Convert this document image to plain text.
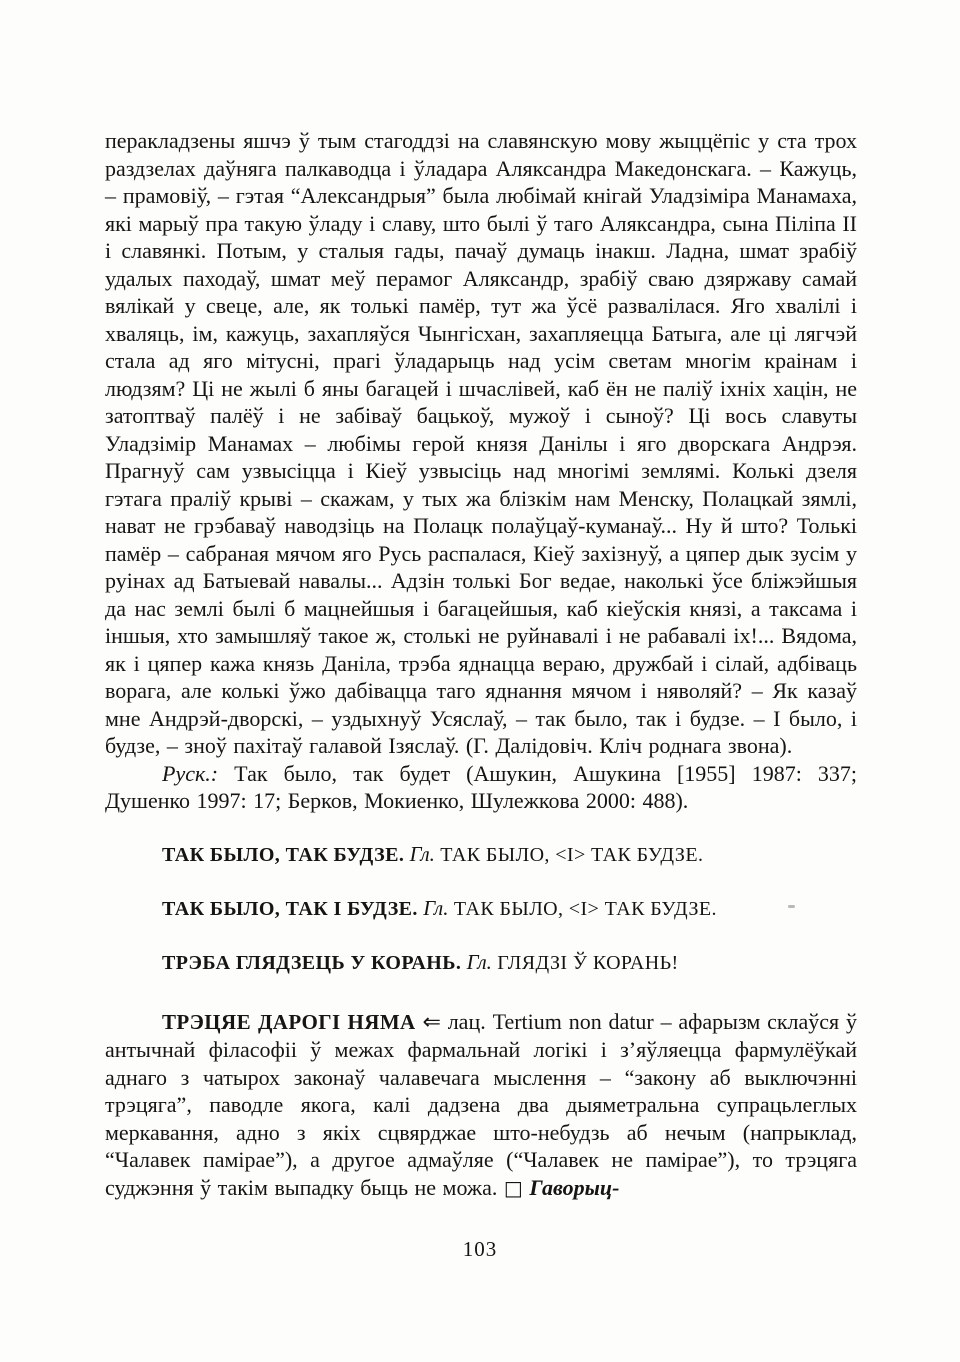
перакладзены яшчэ ў тым стагоддзі на славянскую мову жыццёпіс у ста трох раздзелах даўняга палкаводца і ўладара Аляксандра Македонскага. – Кажуць, – прамовіў, – гэтая “Александрыя” была любімай кнігай Уладзіміра Манамаха, які марыў пра такую ўладу і славу, што былі ў таго Аляксандра, сына Піліпа II і славянкі. Потым, у сталыя гады, пачаў думаць інакш. Ладна, шмат зрабіў удалых паходаў, шмат меў перамог Аляксандр, зрабіў сваю дзяржаву самай вялікай у свеце, але, як толькі памёр, тут жа ўсё развалілася. Яго хвалілі і хваляць, ім, кажуць, захапляўся Чынгісхан, захапляецца Батыга, але ці лягчэй стала ад яго мітусні, прагі ўладарыць над усім светам многім краінам і людзям? Ці не жылі б яны багацей і шчаслівей, каб ён не паліў іхніх хацін, не затоптваў палёў і не забіваў бацькоў, мужоў і сыноў? Ці вось славуты Уладзімір Манамах – любімы герой князя Данілы і яго дворскага Андрэя. Прагнуў сам узвысіцца і Кіеў узвысіць над многімі землямі. Колькі дзеля гэтага праліў крыві – скажам, у тых жа блізкім нам Менску, Полацкай зямлі, нават не грэбаваў наводзіць на Полацк полаўцаў-куманаў... Ну й што? Толькі памёр – сабраная мячом яго Русь распалася, Кіеў захізнуў, а цяпер дык зусім у руінах ад Батыевай навалы... Адзін толькі Бог ведае, наколькі ўсе бліжэйшыя да нас землі былі б мацнейшыя і багацейшыя, каб кіеўскія князі, а таксама і іншыя, хто замышляў такое ж, столькі не руйнавалі і не рабавалі іх!... Вядома, як і цяпер кажа князь Даніла, трэба яднацца вераю, дружбай і сілай, адбіваць ворага, але колькі ўжо дабівацца таго яднання мячом і няволяй? – Як казаў мне Андрэй-дворскі, – уздыхнуў Усяслаў, – так было, так і будзе. – І было, і будзе, – зноў пахітаў галавой Ізяслаў. (Г. Далідовіч. Кліч роднага звона).

Руск.: Так было, так будет (Ашукин, Ашукина [1955] 1987: 337; Душенко 1997: 17; Берков, Мокиенко, Шулежкова 2000: 488).

ТАК БЫЛО, ТАК БУДЗЕ. Гл. ТАК БЫЛО, <І> ТАК БУДЗЕ.

ТАК БЫЛО, ТАК І БУДЗЕ. Гл. ТАК БЫЛО, <І> ТАК БУДЗЕ.

ТРЭБА ГЛЯДЗЕЦЬ У КОРАНЬ. Гл. ГЛЯДЗІ Ў КОРАНЬ!

ТРЭЦЯЕ ДАРОГІ НЯМА ⇐ лац. Tertium non datur – афарызм склаўся ў антычнай філасофіі ў межах фармальнай логікі і з’яўляецца фармулёўкай аднаго з чатырох законаў чалавечага мыслення – “закону аб выключэнні трэцяга”, паводле якога, калі дадзена два дыяметральна супрацьлеглых меркавання, адно з якіх сцвярджае што-небудзь аб нечым (напрыклад, “Чалавек памірае”), а другое адмаўляе (“Чалавек не памірае”), то трэцяга суджэння ў такім выпадку быць не можа. □ Гаворыц-

103
